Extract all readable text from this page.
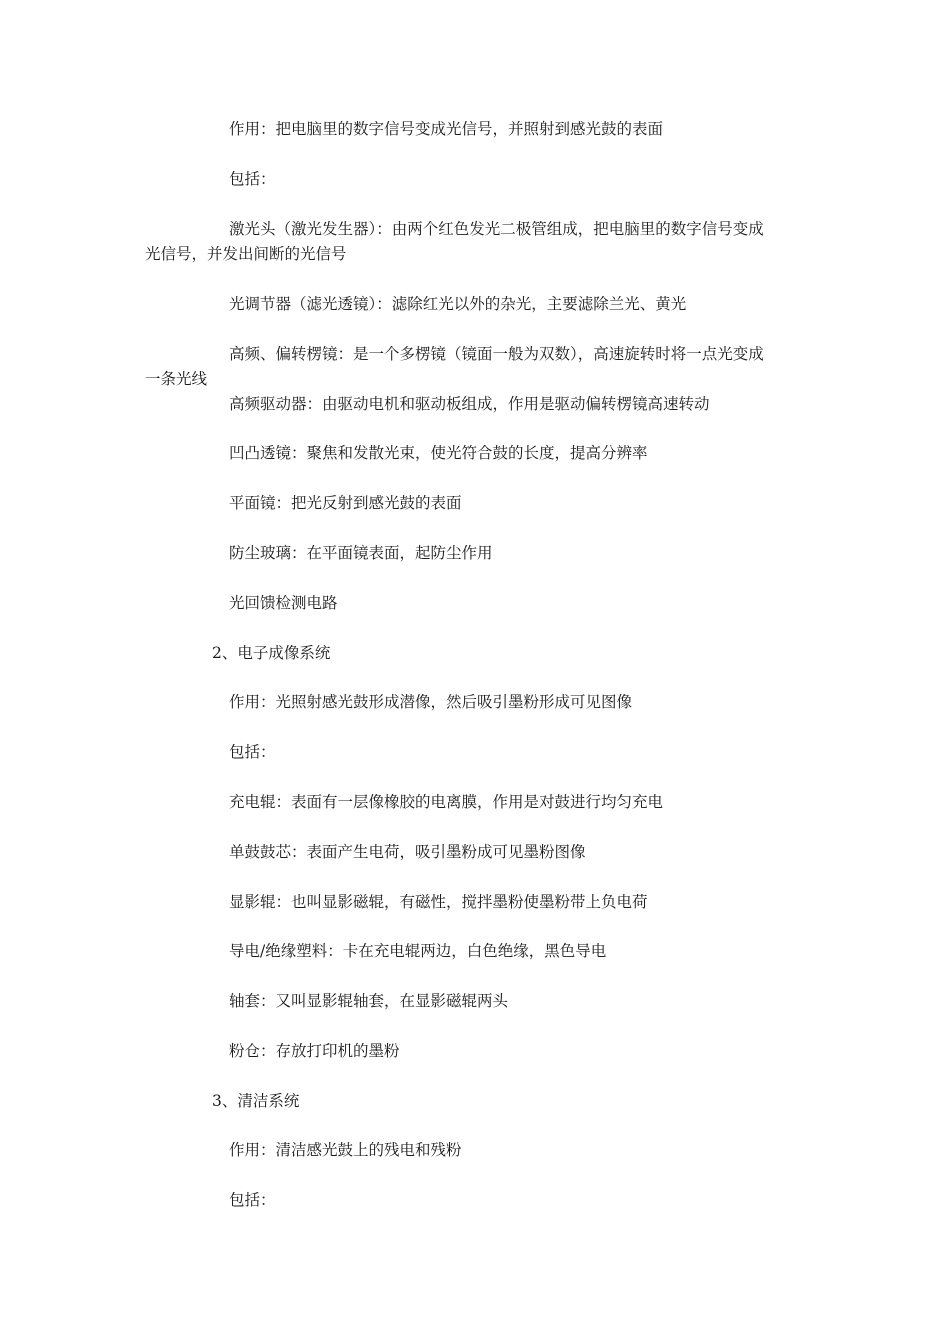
作用：把电脑里的数字信号变成光信号，并照射到感光鼓的表面
包括：
激光头（激光发生器）：由两个红色发光二极管组成，把电脑里的数字信号变成
光信号，并发出间断的光信号
光调节器（滤光透镜）：滤除红光以外的杂光，主要滤除兰光、黄光
高频、偏转楞镜：是一个多楞镜（镜面一般为双数），高速旋转时将一点光变成
一条光线
高频驱动器：由驱动电机和驱动板组成，作用是驱动偏转楞镜高速转动
凹凸透镜：聚焦和发散光束，使光符合鼓的长度，提高分辨率
平面镜：把光反射到感光鼓的表面
防尘玻璃：在平面镜表面，起防尘作用
光回馈检测电路
2、电子成像系统
作用：光照射感光鼓形成潜像，然后吸引墨粉形成可见图像
包括：
充电辊：表面有一层像橡胶的电离膜，作用是对鼓进行均匀充电
单鼓鼓芯：表面产生电荷，吸引墨粉成可见墨粉图像
显影辊：也叫显影磁辊，有磁性，搅拌墨粉使墨粉带上负电荷
导电/绝缘塑料：卡在充电辊两边，白色绝缘，黑色导电
轴套：又叫显影辊轴套，在显影磁辊两头
粉仓：存放打印机的墨粉
3、清洁系统
作用：清洁感光鼓上的残电和残粉
包括：
